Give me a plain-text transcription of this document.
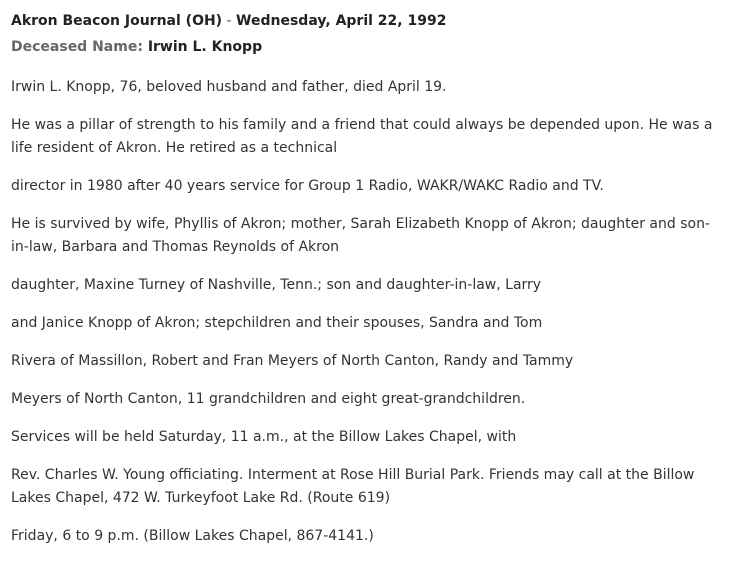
Akron Beacon Journal (OH) - Wednesday, April 22, 1992
Deceased Name: Irwin L. Knopp

Irwin L. Knopp, 76, beloved husband and father, died April 19.

He was a pillar of strength to his family and a friend that could always be depended upon. He was a life resident of Akron. He retired as a technical

director in 1980 after 40 years service for Group 1 Radio, WAKR/WAKC Radio and TV.

He is survived by wife, Phyllis of Akron; mother, Sarah Elizabeth Knopp of Akron; daughter and son-in-law, Barbara and Thomas Reynolds of Akron

daughter, Maxine Turney of Nashville, Tenn.; son and daughter-in-law, Larry

and Janice Knopp of Akron; stepchildren and their spouses, Sandra and Tom

Rivera of Massillon, Robert and Fran Meyers of North Canton, Randy and Tammy

Meyers of North Canton, 11 grandchildren and eight great-grandchildren.

Services will be held Saturday, 11 a.m., at the Billow Lakes Chapel, with

Rev. Charles W. Young officiating. Interment at Rose Hill Burial Park. Friends may call at the Billow Lakes Chapel, 472 W. Turkeyfoot Lake Rd. (Route 619)

Friday, 6 to 9 p.m. (Billow Lakes Chapel, 867-4141.)
